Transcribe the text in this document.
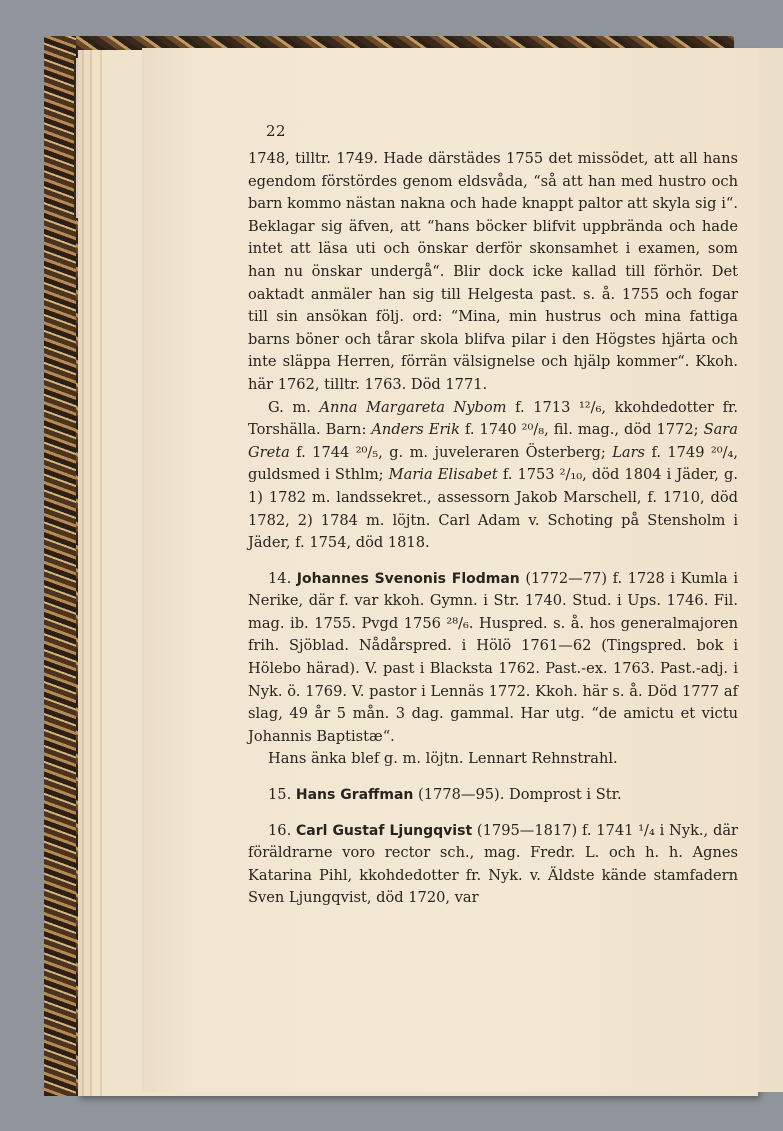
22

1748, tilltr. 1749. Hade därstädes 1755 det missödet, att all hans egendom förstördes genom eldsvåda, “så att han med hustro och barn kommo nästan nakna och hade knappt paltor att skyla sig i“. Beklagar sig äfven, att “hans böcker blifvit uppbrända och hade intet att läsa uti och önskar derför skonsamhet i examen, som han nu önskar undergå“. Blir dock icke kallad till förhör. Det oaktadt anmäler han sig till Helgesta past. s. å. 1755 och fogar till sin ansökan följ. ord: “Mina, min hustrus och mina fattiga barns böner och tårar skola blifva pilar i den Högstes hjärta och inte släppa Herren, förrän välsignelse och hjälp kommer“. Kkoh. här 1762, tilltr. 1763. Död 1771.

G. m. Anna Margareta Nybom f. 1713 ¹²/₆, kkohdedotter fr. Torshälla. Barn: Anders Erik f. 1740 ²⁰/₈, fil. mag., död 1772; Sara Greta f. 1744 ²⁰/₅, g. m. juveleraren Österberg; Lars f. 1749 ²⁰/₄, guldsmed i Sthlm; Maria Elisabet f. 1753 ²/₁₀, död 1804 i Jäder, g. 1) 1782 m. landssekret., assessorn Jakob Marschell, f. 1710, död 1782, 2) 1784 m. löjtn. Carl Adam v. Schoting på Stensholm i Jäder, f. 1754, död 1818.

14. Johannes Svenonis Flodman (1772—77) f. 1728 i Kumla i Nerike, där f. var kkoh. Gymn. i Str. 1740. Stud. i Ups. 1746. Fil. mag. ib. 1755. Pvgd 1756 ²⁸/₆. Huspred. s. å. hos generalmajoren frih. Sjöblad. Nådårspred. i Hölö 1761—62 (Tingspred. bok i Hölebo härad). V. past i Blacksta 1762. Past.-ex. 1763. Past.-adj. i Nyk. ö. 1769. V. pastor i Lennäs 1772. Kkoh. här s. å. Död 1777 af slag, 49 år 5 mån. 3 dag. gammal. Har utg. “de amictu et victu Johannis Baptistæ“.

Hans änka blef g. m. löjtn. Lennart Rehnstrahl.

15. Hans Graffman (1778—95). Domprost i Str.

16. Carl Gustaf Ljungqvist (1795—1817) f. 1741 ¹/₄ i Nyk., där föräldrarne voro rector sch., mag. Fredr. L. och h. h. Agnes Katarina Pihl, kkohdedotter fr. Nyk. v. Äldste kände stamfadern Sven Ljungqvist, död 1720, var
